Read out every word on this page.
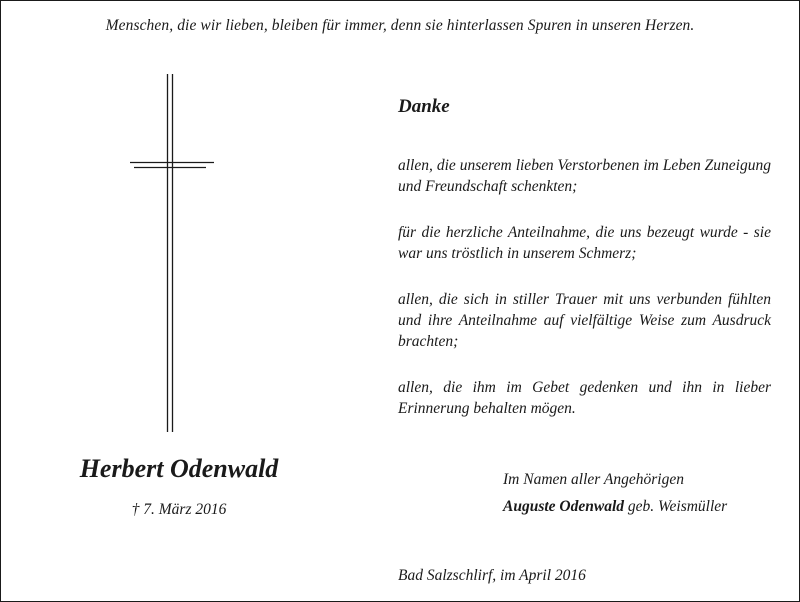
Menschen, die wir lieben, bleiben für immer, denn sie hinterlassen Spuren in unseren Herzen.
Danke
allen, die unserem lieben Verstorbenen im Leben Zuneigung und Freundschaft schenkten;
für die herzliche Anteilnahme, die uns bezeugt wurde - sie war uns tröstlich in unserem Schmerz;
allen, die sich in stiller Trauer mit uns verbunden fühlten und ihre Anteilnahme auf vielfältige Weise zum Ausdruck brachten;
allen, die ihm im Gebet gedenken und ihn in lieber Erinnerung behalten mögen.
Herbert Odenwald
† 7. März 2016
Im Namen aller Angehörigen
Auguste Odenwald geb. Weismüller
Bad Salzschlirf, im April 2016
